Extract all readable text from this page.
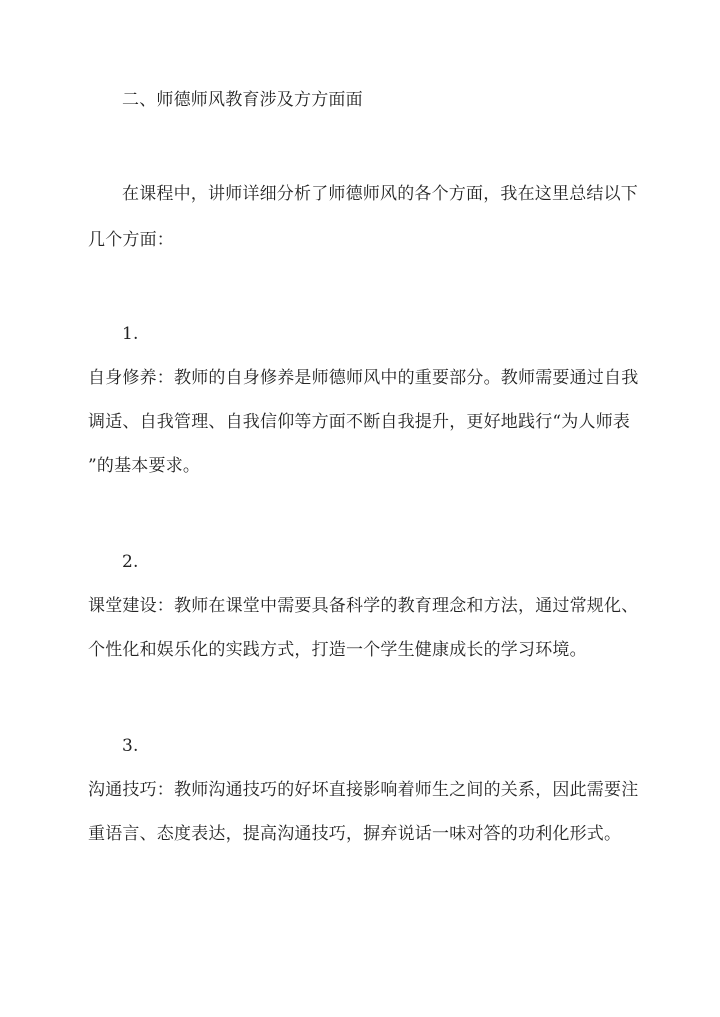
二、师德师风教育涉及方方面面
在课程中，讲师详细分析了师德师风的各个方面，我在这里总结以下
几个方面：
1.
自身修养：教师的自身修养是师德师风中的重要部分。教师需要通过自我
调适、自我管理、自我信仰等方面不断自我提升，更好地践行“为人师表
”的基本要求。
2.
课堂建设：教师在课堂中需要具备科学的教育理念和方法，通过常规化、
个性化和娱乐化的实践方式，打造一个学生健康成长的学习环境。
3.
沟通技巧：教师沟通技巧的好坏直接影响着师生之间的关系，因此需要注
重语言、态度表达，提高沟通技巧，摒弃说话一味对答的功利化形式。
